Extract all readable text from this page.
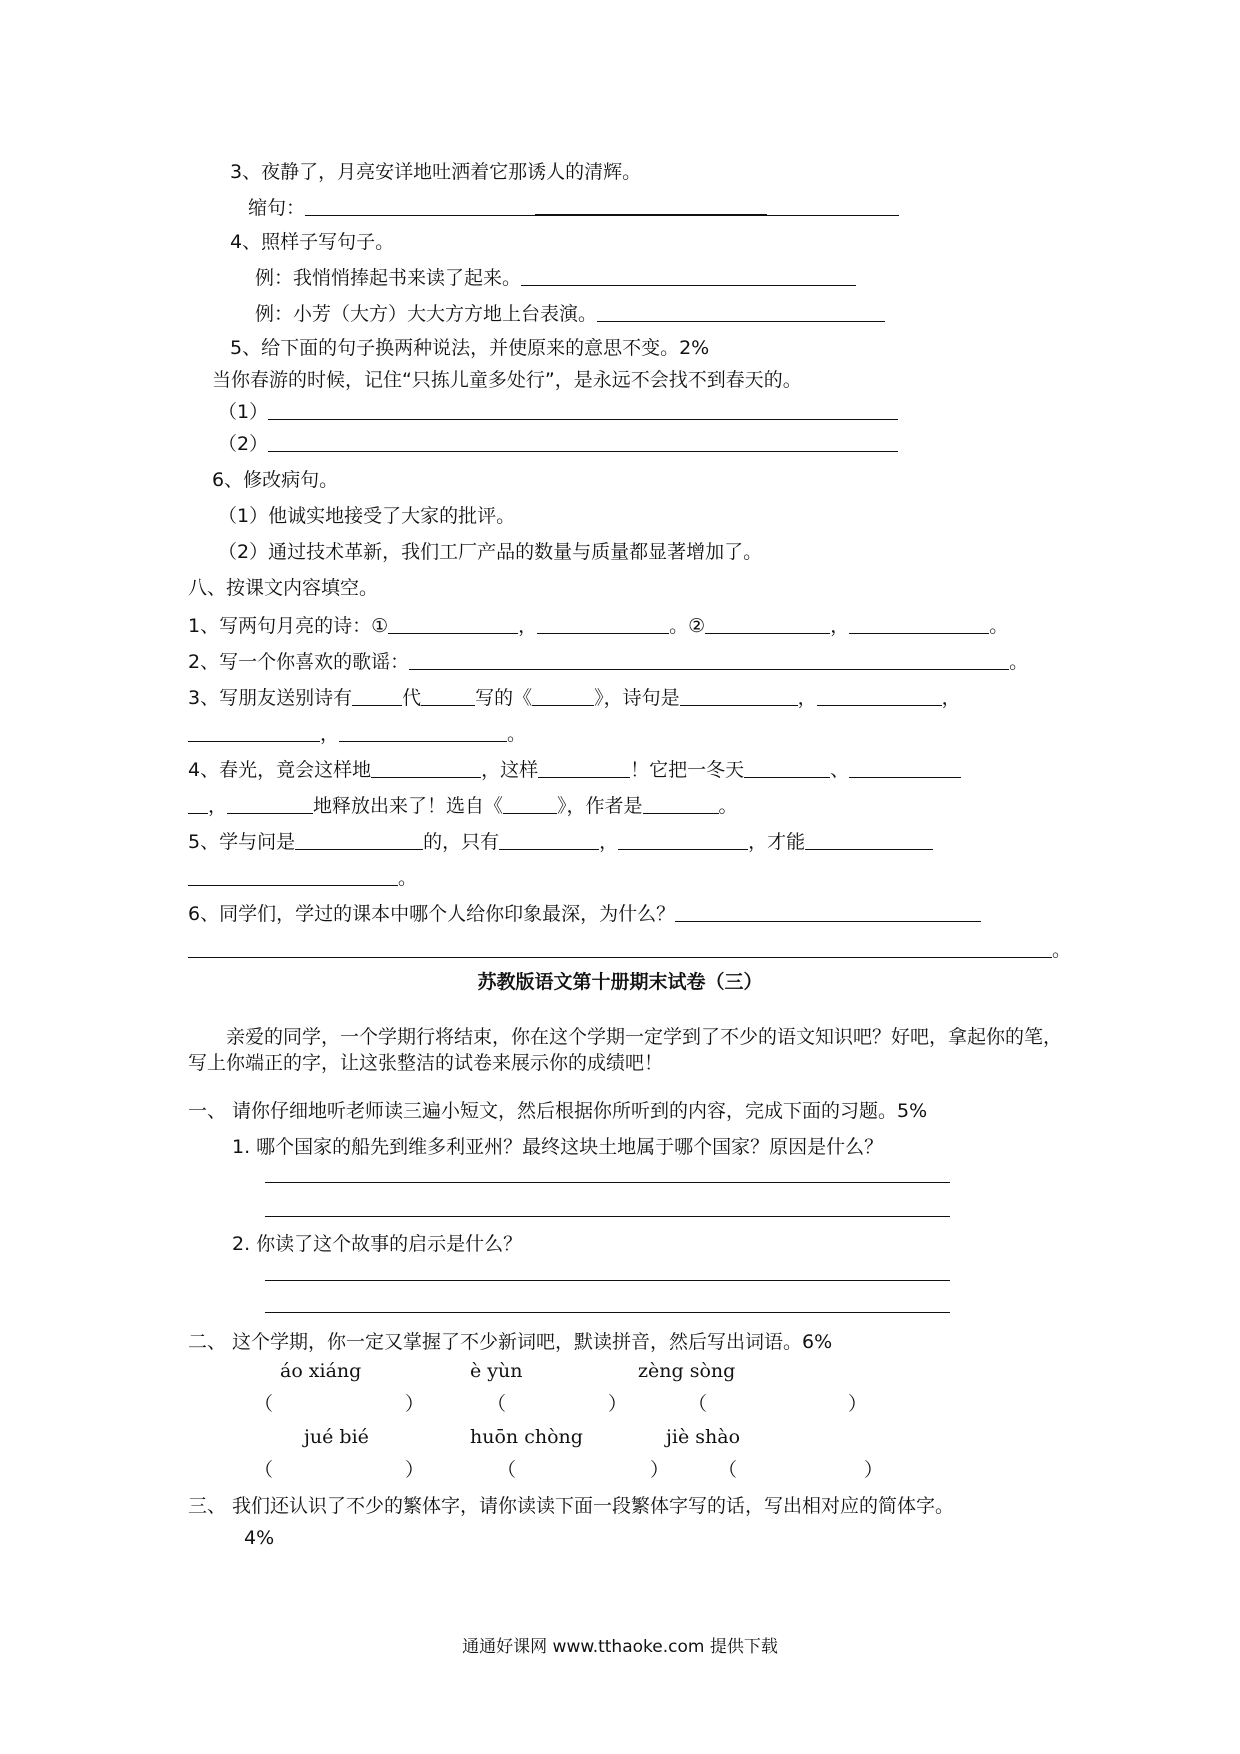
3、夜静了，月亮安详地吐洒着它那诱人的清辉。
缩句：
4、照样子写句子。
例：我悄悄捧起书来读了起来。
例：小芳（大方）大大方方地上台表演。
5、给下面的句子换两种说法，并使原来的意思不变。2%
当你春游的时候，记住“只拣儿童多处行”，是永远不会找不到春天的。
（1）
（2）
6、修改病句。
（1）他诚实地接受了大家的批评。
（2）通过技术革新，我们工厂产品的数量与质量都显著增加了。
八、按课文内容填空。
1、写两句月亮的诗：①	，	。②	，	。
2、写一个你喜欢的歌谣：	。
3、写朋友送别诗有	代	写的《	》，诗句是	，	，
，	。
4、春光，竟会这样地	，这样	！它把一冬天	、
，	地释放出来了！选自《	》，作者是	。
5、学与问是	的，只有	，	，才能
。
6、同学们，学过的课本中哪个人给你印象最深，为什么？
。
苏教版语文第十册期末试卷（三）
亲爱的同学，一个学期行将结束，你在这个学期一定学到了不少的语文知识吧？好吧，拿起你的笔，写上你端正的字，让这张整洁的试卷来展示你的成绩吧！
一、 请你仔细地听老师读三遍小短文，然后根据你所听到的内容，完成下面的习题。5%
1. 哪个国家的船先到维多利亚州？最终这块土地属于哪个国家？原因是什么？
2. 你读了这个故事的启示是什么？
二、 这个学期，你一定又掌握了不少新词吧，默读拼音，然后写出词语。6%
áo xiáng	è yùn	zèng sòng
（	）	（	）	（	）
jué bié	huōn chòng	jiè shào
（	）	（	）	（	）
三、 我们还认识了不少的繁体字，请你读读下面一段繁体字写的话，写出相对应的简体字。
4%
通通好课网 www.tthaoke.com 提供下载
